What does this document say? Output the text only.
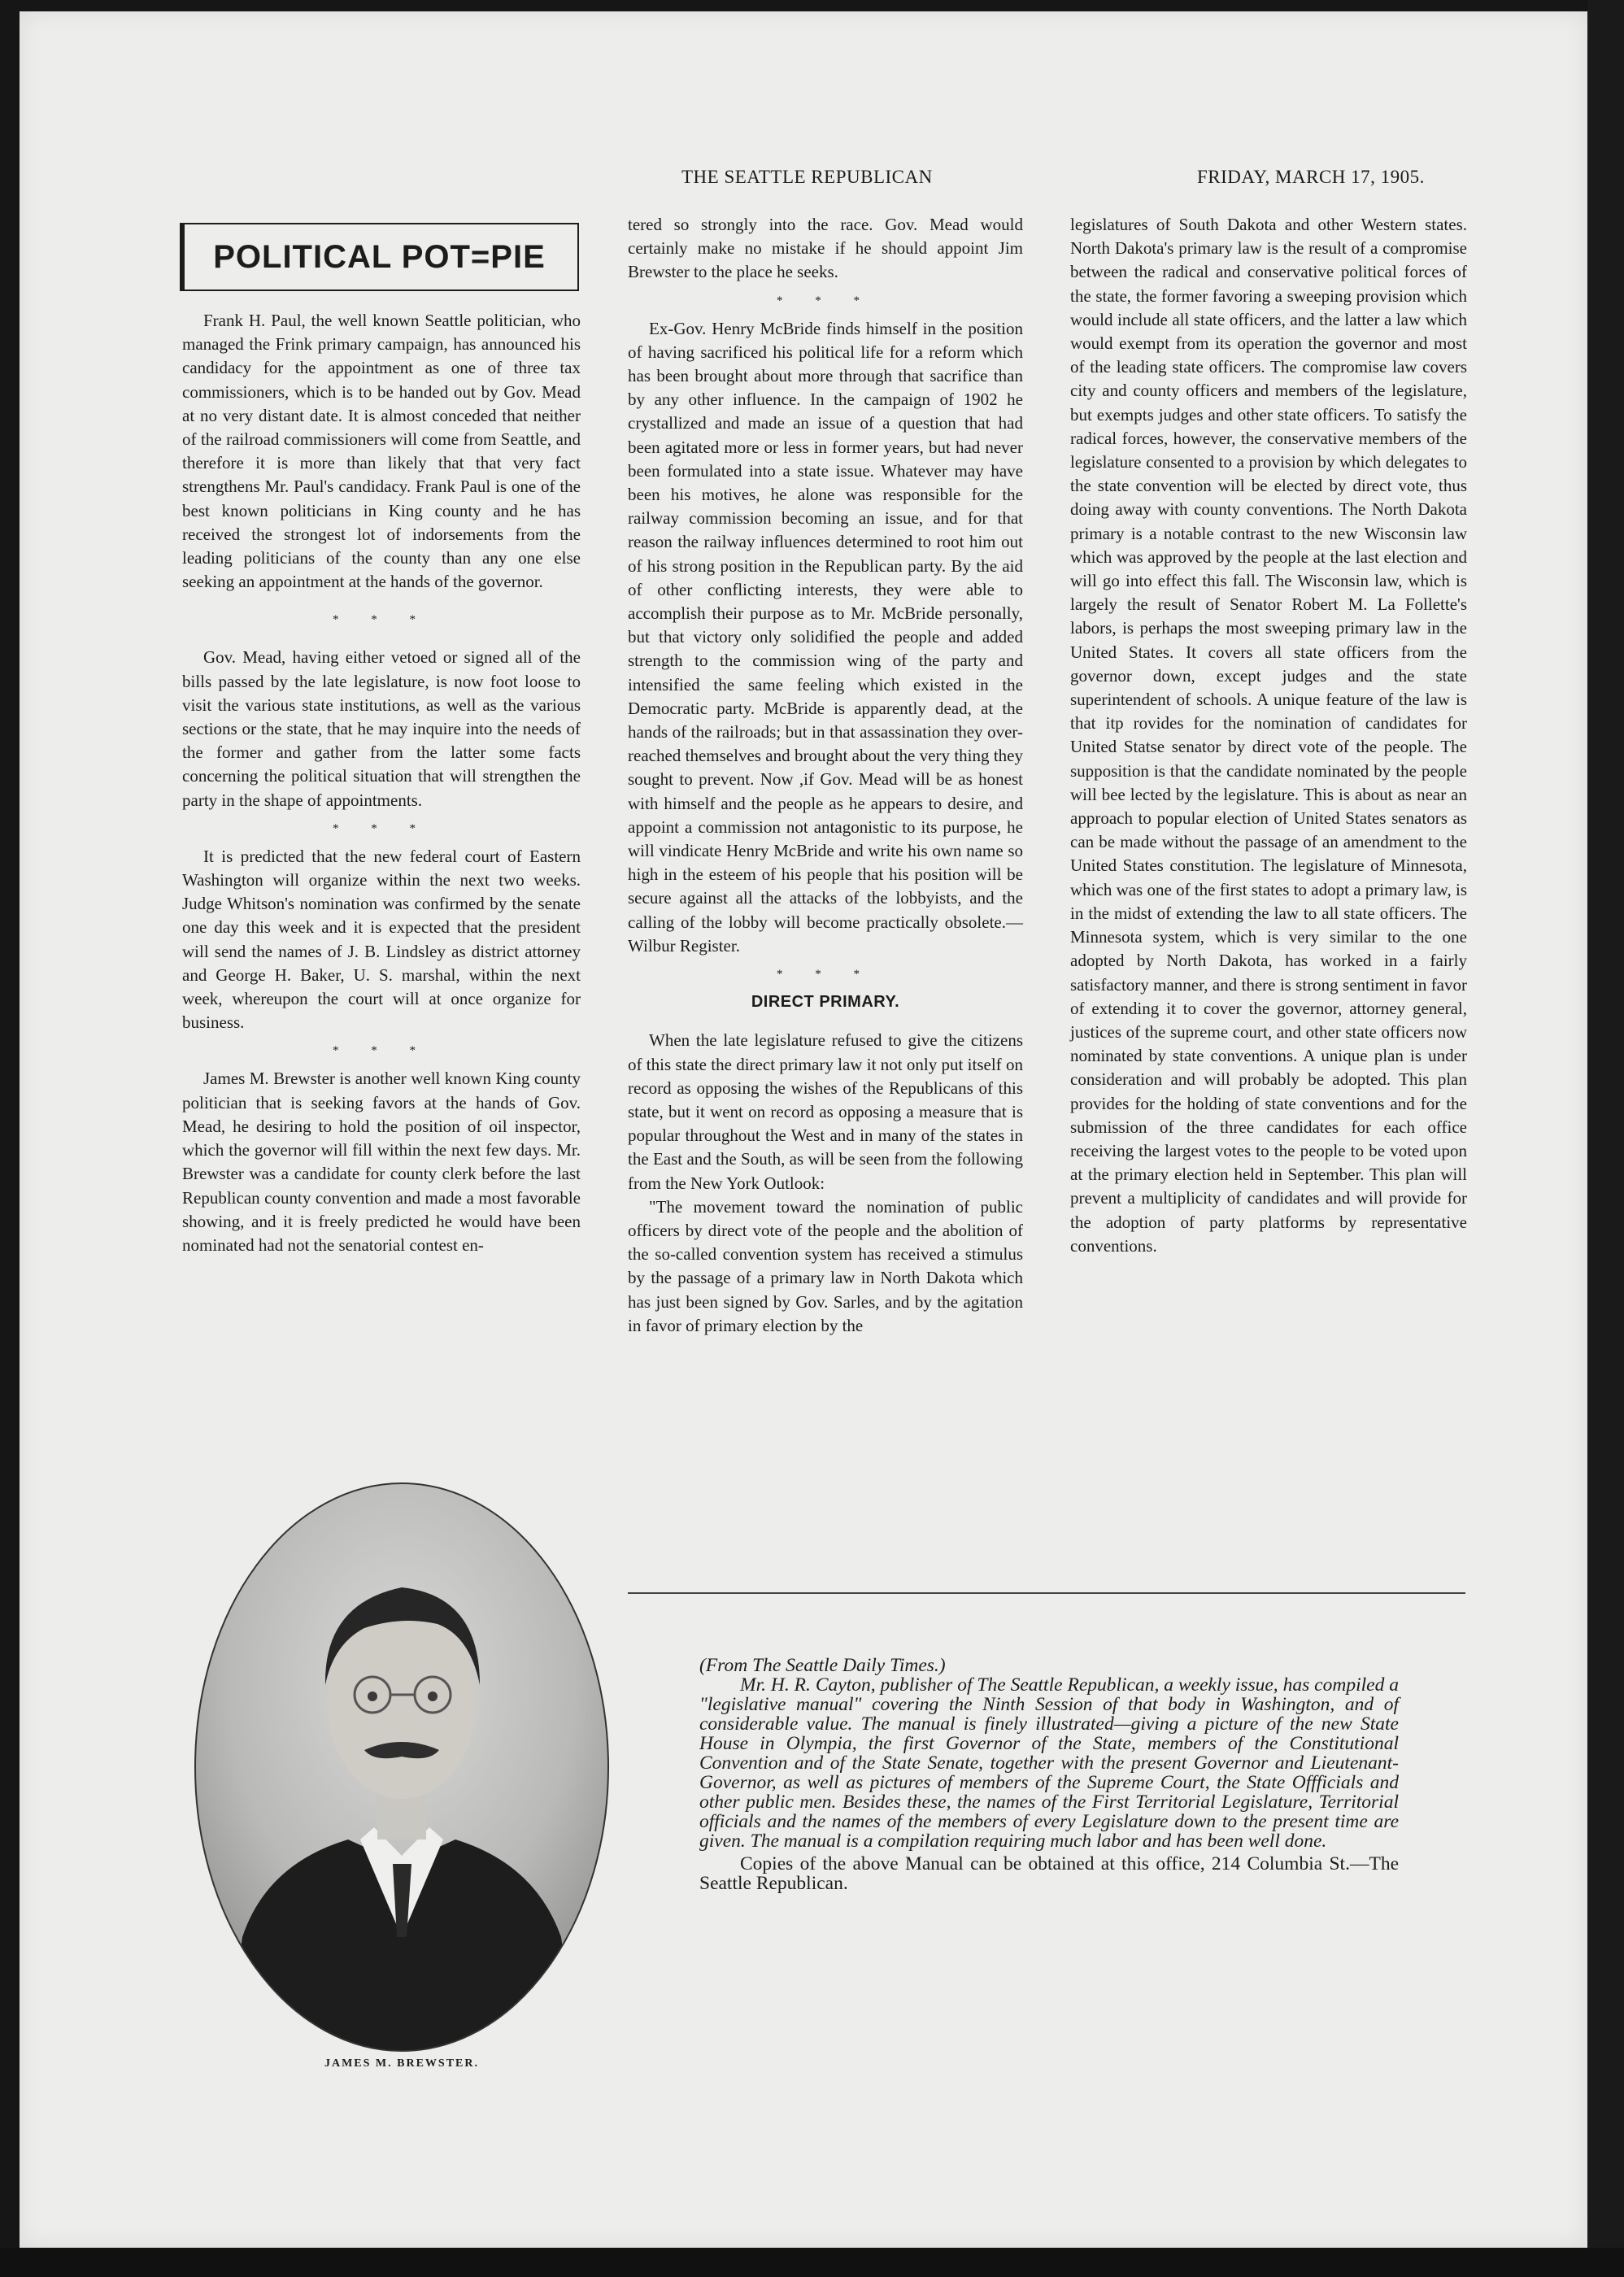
THE SEATTLE REPUBLICAN	FRIDAY, MARCH 17, 1905.
POLITICAL POT=PIE

Frank H. Paul, the well known Seattle politician, who managed the Frink primary campaign, has announced his candidacy for the appointment as one of three tax commissioners, which is to be handed out by Gov. Mead at no very distant date. It is almost conceded that neither of the railroad commissioners will come from Seattle, and therefore it is more than likely that that very fact strengthens Mr. Paul's candidacy. Frank Paul is one of the best known politicians in King county and he has received the strongest lot of indorsements from the leading politicians of the county than any one else seeking an appointment at the hands of the governor.

* * *

Gov. Mead, having either vetoed or signed all of the bills passed by the late legislature, is now foot loose to visit the various state institutions, as well as the various sections or the state, that he may inquire into the needs of the former and gather from the latter some facts concerning the political situation that will strengthen the party in the shape of appointments.

* * *

It is predicted that the new federal court of Eastern Washington will organize within the next two weeks. Judge Whitson's nomination was confirmed by the senate one day this week and it is expected that the president will send the names of J. B. Lindsley as district attorney and George H. Baker, U. S. marshal, within the next week, whereupon the court will at once organize for business.

* * *

James M. Brewster is another well known King county politician that is seeking favors at the hands of Gov. Mead, he desiring to hold the position of oil inspector, which the governor will fill within the next few days. Mr. Brewster was a candidate for county clerk before the last Republican county convention and made a most favorable showing, and it is freely predicted he would have been nominated had not the senatorial contest en-

tered so strongly into the race. Gov. Mead would certainly make no mistake if he should appoint Jim Brewster to the place he seeks.

* * *

Ex-Gov. Henry McBride finds himself in the position of having sacrificed his political life for a reform which has been brought about more through that sacrifice than by any other influence. In the campaign of 1902 he crystallized and made an issue of a question that had been agitated more or less in former years, but had never been formulated into a state issue. Whatever may have been his motives, he alone was responsible for the railway commission becoming an issue, and for that reason the railway influences determined to root him out of his strong position in the Republican party. By the aid of other conflicting interests, they were able to accomplish their purpose as to Mr. McBride personally, but that victory only solidified the people and added strength to the commission wing of the party and intensified the same feeling which existed in the Democratic party. McBride is apparently dead, at the hands of the railroads; but in that assassination they over-reached themselves and brought about the very thing they sought to prevent. Now ,if Gov. Mead will be as honest with himself and the people as he appears to desire, and appoint a commission not antagonistic to its purpose, he will vindicate Henry McBride and write his own name so high in the esteem of his people that his position will be secure against all the attacks of the lobbyists, and the calling of the lobby will become practically obsolete.—Wilbur Register.

* * *
DIRECT PRIMARY.

When the late legislature refused to give the citizens of this state the direct primary law it not only put itself on record as opposing the wishes of the Republicans of this state, but it went on record as opposing a measure that is popular throughout the West and in many of the states in the East and the South, as will be seen from the following from the New York Outlook:

"The movement toward the nomination of public officers by direct vote of the people and the abolition of the so-called convention system has received a stimulus by the passage of a primary law in North Dakota which has just been signed by Gov. Sarles, and by the agitation in favor of primary election by the

legislatures of South Dakota and other Western states. North Dakota's primary law is the result of a compromise between the radical and conservative political forces of the state, the former favoring a sweeping provision which would include all state officers, and the latter a law which would exempt from its operation the governor and most of the leading state officers. The compromise law covers city and county officers and members of the legislature, but exempts judges and other state officers. To satisfy the radical forces, however, the conservative members of the legislature consented to a provision by which delegates to the state convention will be elected by direct vote, thus doing away with county conventions. The North Dakota primary is a notable contrast to the new Wisconsin law which was approved by the people at the last election and will go into effect this fall. The Wisconsin law, which is largely the result of Senator Robert M. La Follette's labors, is perhaps the most sweeping primary law in the United States. It covers all state officers from the governor down, except judges and the state superintendent of schools. A unique feature of the law is that itp rovides for the nomination of candidates for United Statse senator by direct vote of the people. The supposition is that the candidate nominated by the people will bee lected by the legislature. This is about as near an approach to popular election of United States senators as can be made without the passage of an amendment to the United States constitution. The legislature of Minnesota, which was one of the first states to adopt a primary law, is in the midst of extending the law to all state officers. The Minnesota system, which is very similar to the one adopted by North Dakota, has worked in a fairly satisfactory manner, and there is strong sentiment in favor of extending it to cover the governor, attorney general, justices of the supreme court, and other state officers now nominated by state conventions. A unique plan is under consideration and will probably be adopted. This plan provides for the holding of state conventions and for the submission of the three candidates for each office receiving the largest votes to the people to be voted upon at the primary election held in September. This plan will prevent a multiplicity of candidates and will provide for the adoption of party platforms by representative conventions.

JAMES M. BREWSTER.

(From The Seattle Daily Times.)

Mr. H. R. Cayton, publisher of The Seattle Republican, a weekly issue, has compiled a "legislative manual" covering the Ninth Session of that body in Washington, and of considerable value. The manual is finely illustrated—giving a picture of the new State House in Olympia, the first Governor of the State, members of the Constitutional Convention and of the State Senate, together with the present Governor and Lieutenant-Governor, as well as pictures of members of the Supreme Court, the State Offficials and other public men. Besides these, the names of the First Territorial Legislature, Territorial officials and the names of the members of every Legislature down to the present time are given. The manual is a compilation requiring much labor and has been well done.

Copies of the above Manual can be obtained at this office, 214 Columbia St.—The Seattle Republican.
